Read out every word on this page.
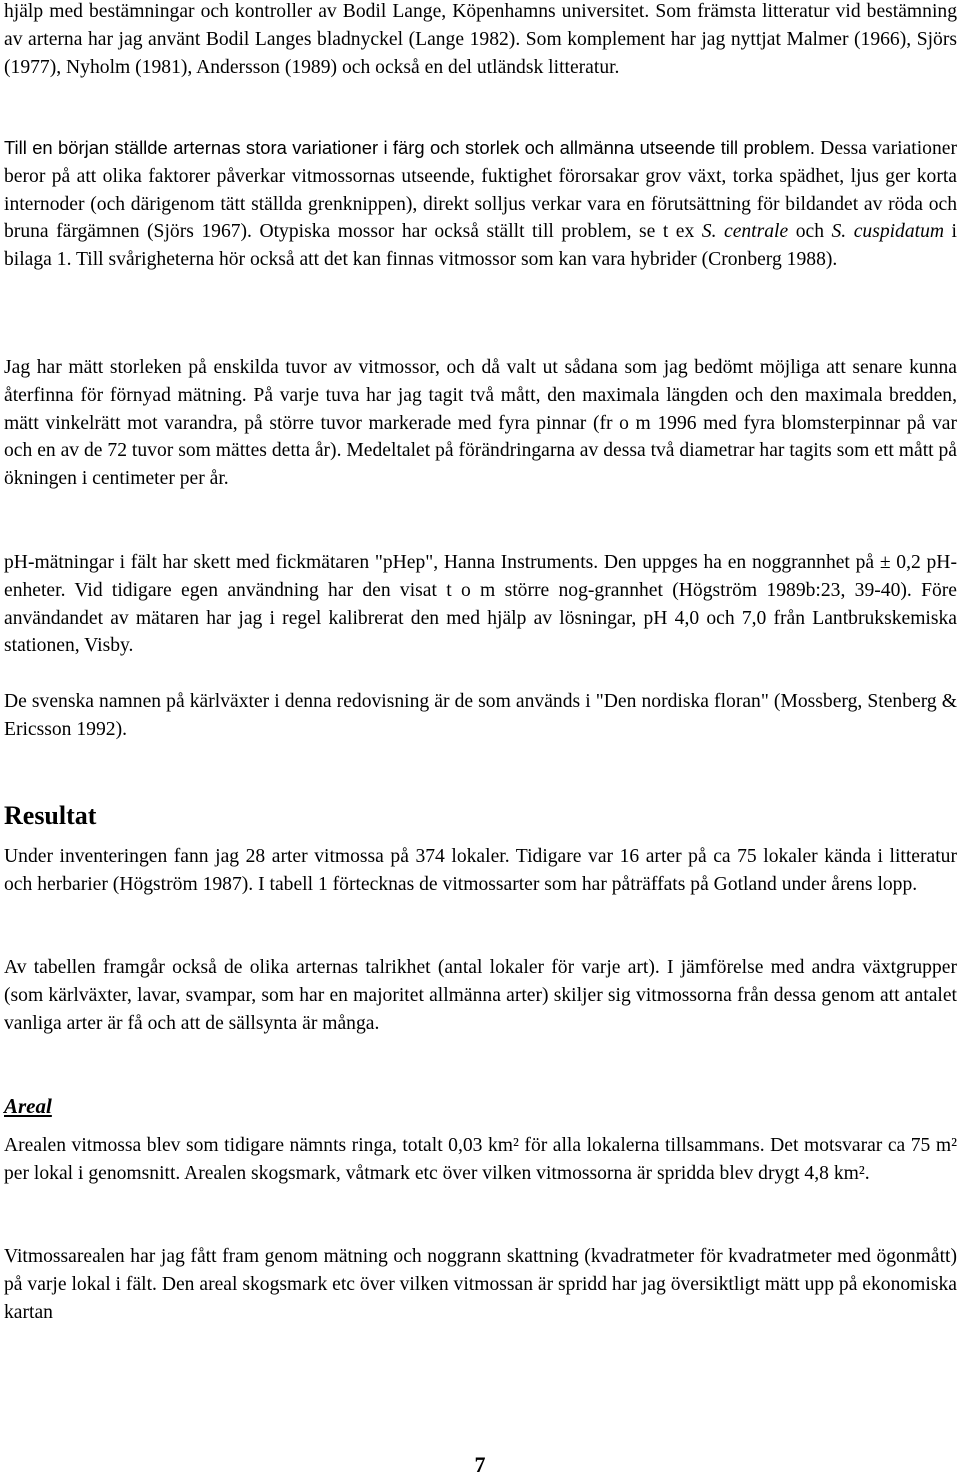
hjälp med bestämningar och kontroller av Bodil Lange, Köpenhamns universitet. Som främsta litteratur vid bestämning av arterna har jag använt Bodil Langes bladnyckel (Lange 1982). Som komplement har jag nyttjat Malmer (1966), Sjörs (1977), Nyholm (1981), Andersson (1989) och också en del utländsk litteratur.

Till en början ställde arternas stora variationer i färg och storlek och allmänna utseende till problem. Dessa variationer beror på att olika faktorer påverkar vitmossornas utseende, fuktighet förorsakar grov växt, torka spädhet, ljus ger korta internoder (och därigenom tätt ställda grenknippen), direkt solljus verkar vara en förutsättning för bildandet av röda och bruna färgämnen (Sjörs 1967). Otypiska mossor har också ställt till problem, se t ex S. centrale och S. cuspidatum i bilaga 1. Till svårigheterna hör också att det kan finnas vitmossor som kan vara hybrider (Cronberg 1988).

Jag har mätt storleken på enskilda tuvor av vitmossor, och då valt ut sådana som jag bedömt möjliga att senare kunna återfinna för förnyad mätning. På varje tuva har jag tagit två mått, den maximala längden och den maximala bredden, mätt vinkelrätt mot varandra, på större tuvor markerade med fyra pinnar (fr o m 1996 med fyra blomsterpinnar på var och en av de 72 tuvor som mättes detta år). Medeltalet på förändringarna av dessa två diametrar har tagits som ett mått på ökningen i centimeter per år.

pH-mätningar i fält har skett med fickmätaren "pHep", Hanna Instruments. Den uppges ha en noggrannhet på ± 0,2 pH-enheter. Vid tidigare egen användning har den visat t o m större nog-grannhet (Högström 1989b:23, 39-40). Före användandet av mätaren har jag i regel kalibrerat den med hjälp av lösningar, pH 4,0 och 7,0 från Lantbrukskemiska stationen, Visby.

De svenska namnen på kärlväxter i denna redovisning är de som används i "Den nordiska floran" (Mossberg, Stenberg & Ericsson 1992).

Resultat

Under inventeringen fann jag 28 arter vitmossa på 374 lokaler. Tidigare var 16 arter på ca 75 lokaler kända i litteratur och herbarier (Högström 1987). I tabell 1 förtecknas de vitmossarter som har påträffats på Gotland under årens lopp.

Av tabellen framgår också de olika arternas talrikhet (antal lokaler för varje art). I jämförelse med andra växtgrupper (som kärlväxter, lavar, svampar, som har en majoritet allmänna arter) skiljer sig vitmossorna från dessa genom att antalet vanliga arter är få och att de sällsynta är många.

Areal

Arealen vitmossa blev som tidigare nämnts ringa, totalt 0,03 km² för alla lokalerna tillsammans. Det motsvarar ca 75 m² per lokal i genomsnitt. Arealen skogsmark, våtmark etc över vilken vitmossorna är spridda blev drygt 4,8 km².

Vitmossarealen har jag fått fram genom mätning och noggrann skattning (kvadratmeter för kvadratmeter med ögonmått) på varje lokal i fält. Den areal skogsmark etc över vilken vitmossan är spridd har jag översiktligt mätt upp på ekonomiska kartan

7
